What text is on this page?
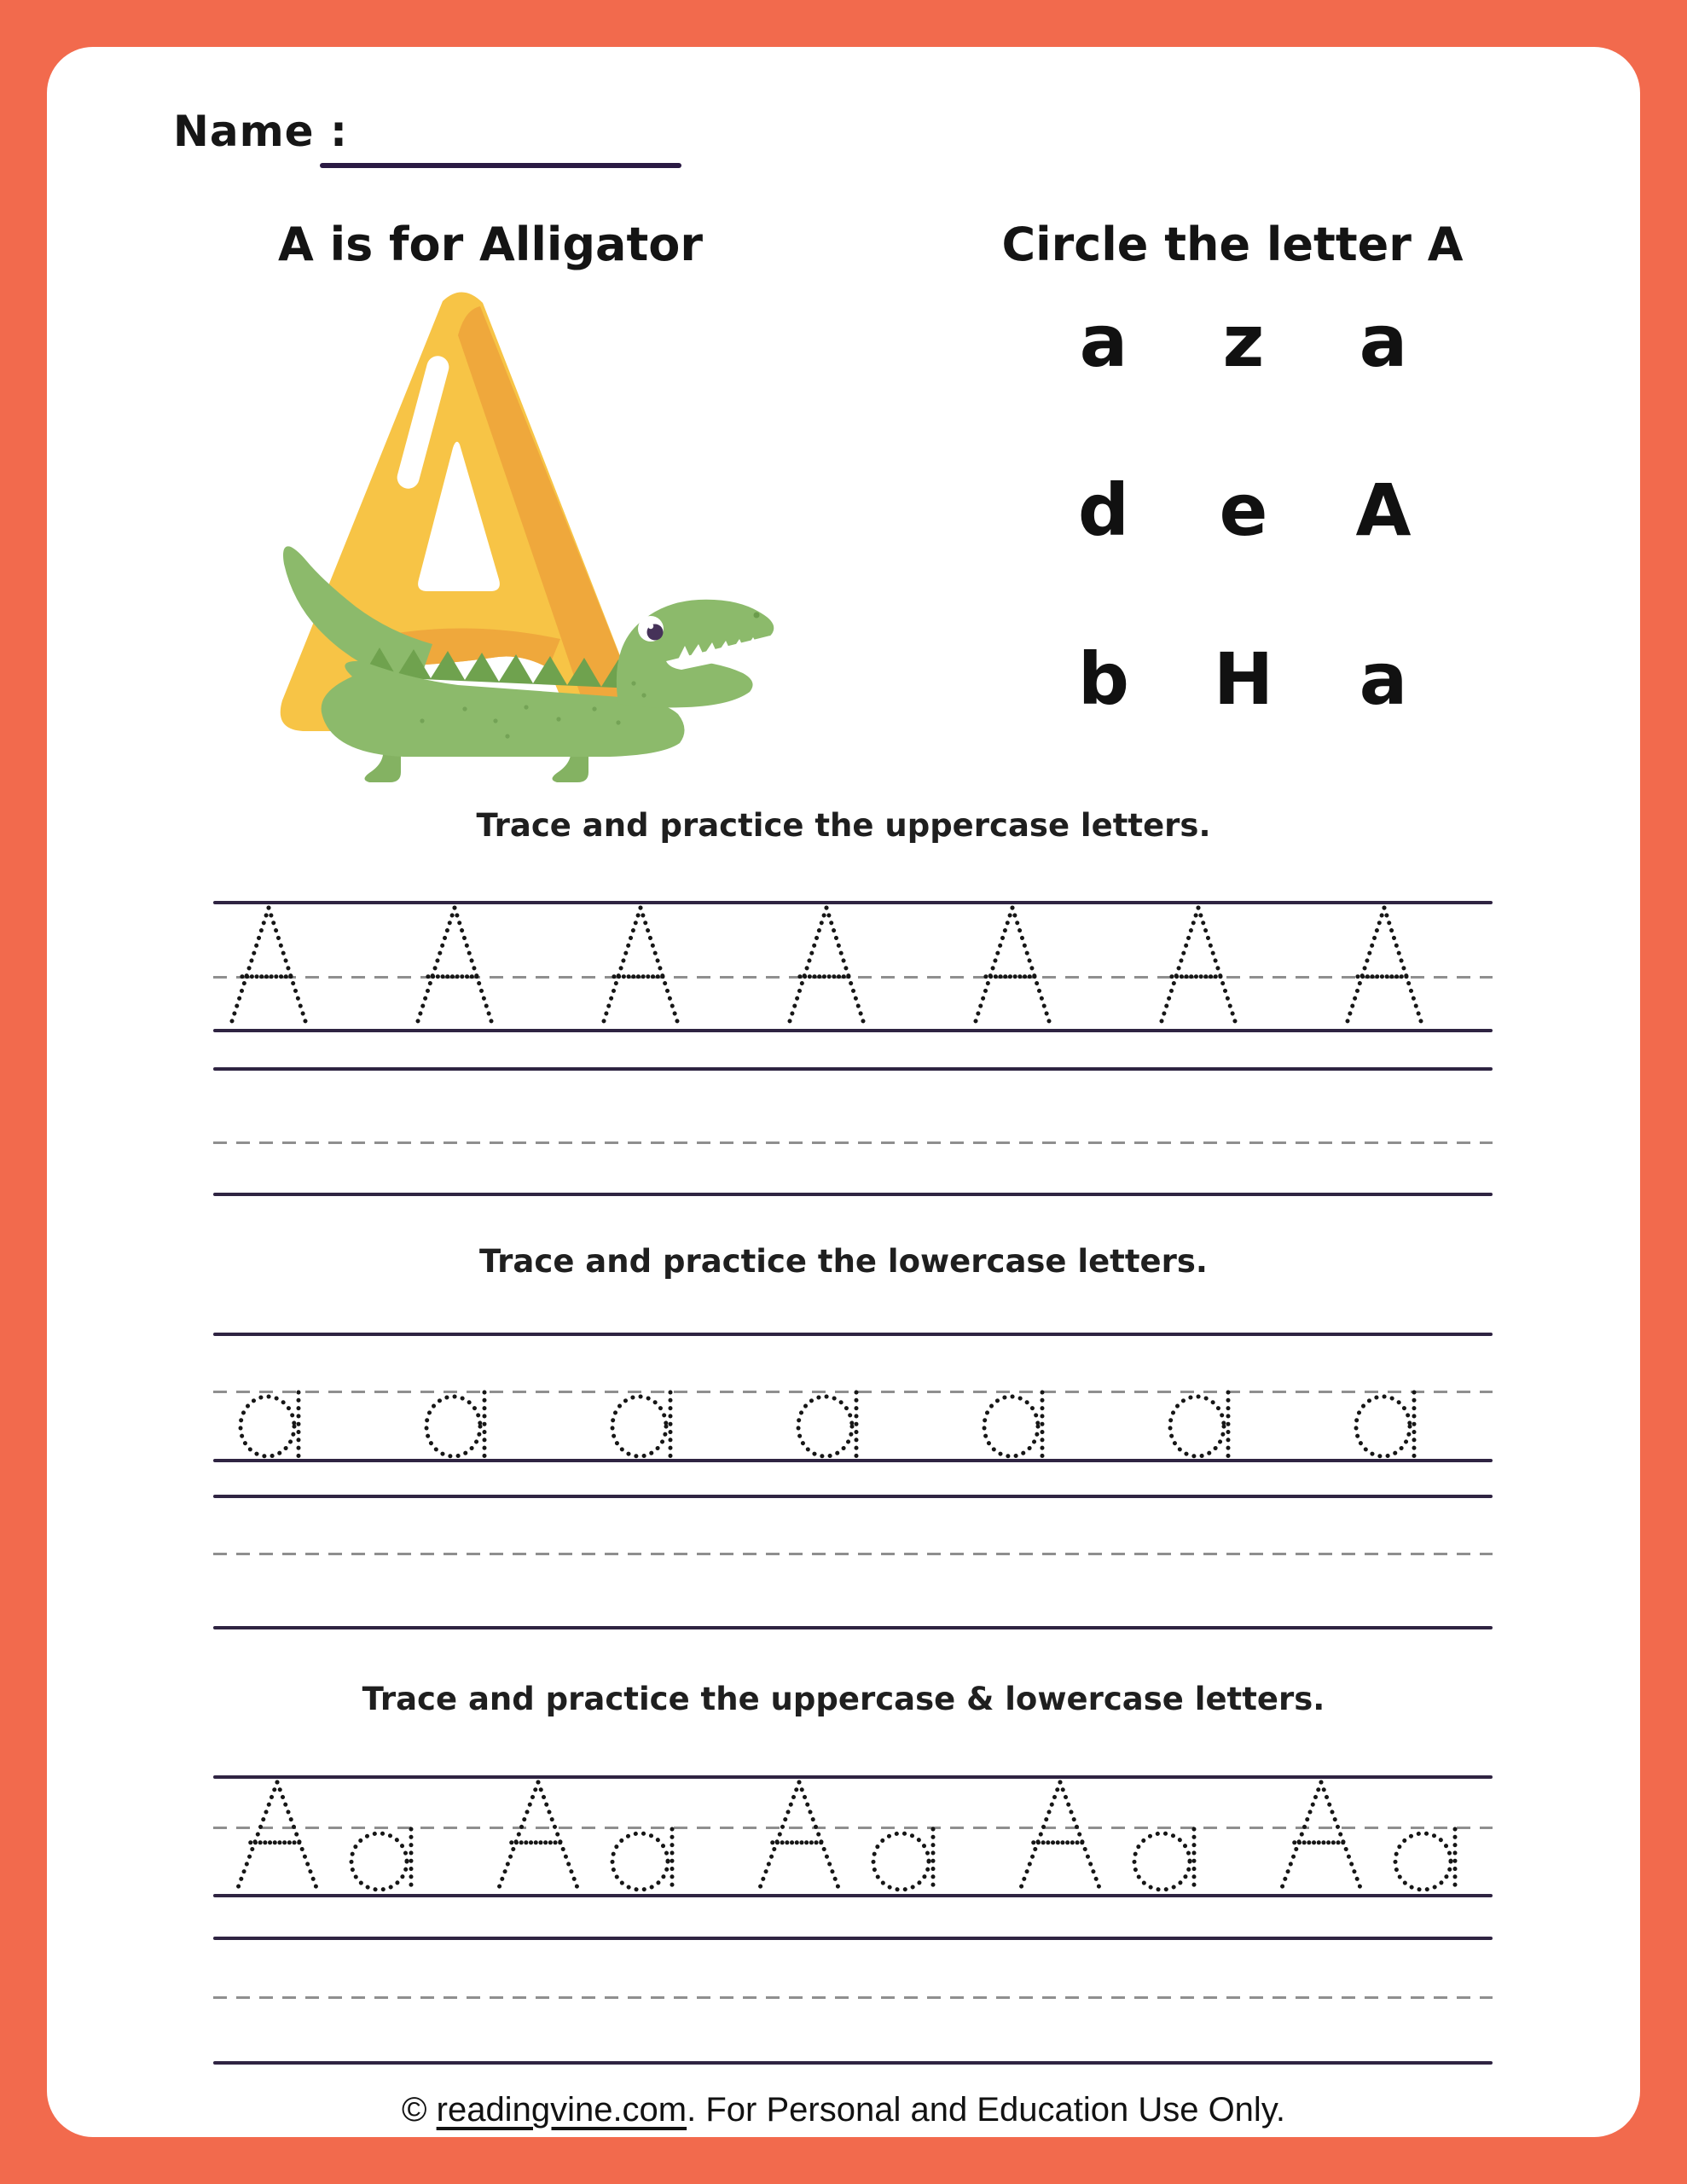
Name :
A is for Alligator	Circle the letter A
a	z	a
d	e	A
b	H	a
Trace and practice the uppercase letters.
Trace and practice the lowercase letters.
Trace and practice the uppercase & lowercase letters.
© readingvine.com. For Personal and Education Use Only.
